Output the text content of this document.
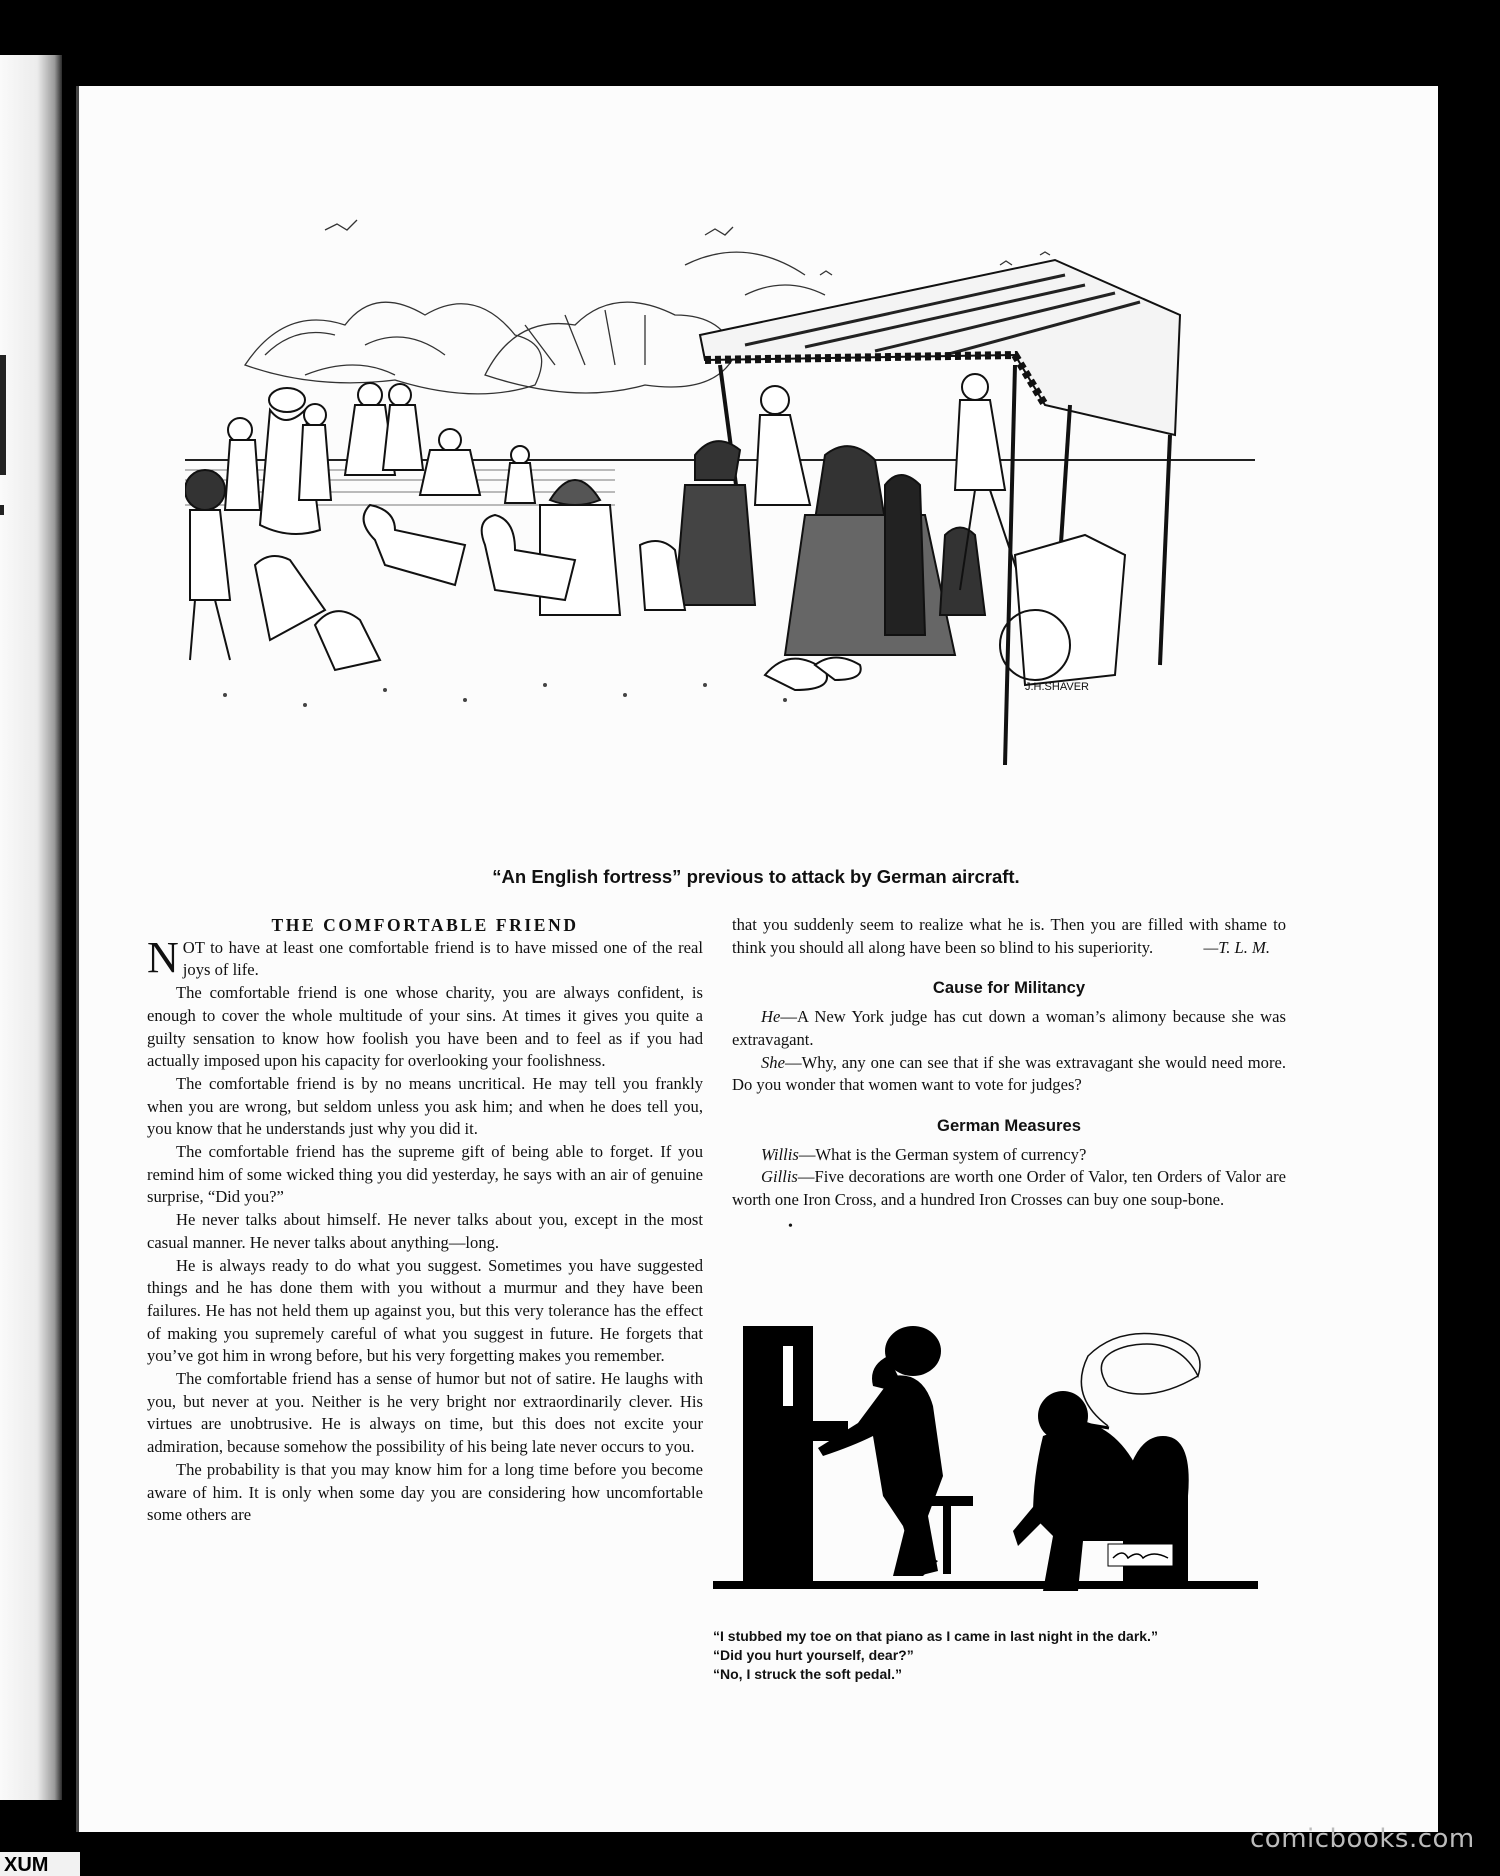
J.H.SHAVER
“An English fortress” previous to attack by German aircraft.
THE COMFORTABLE FRIEND

NOT to have at least one comfortable friend is to have missed one of the real joys of life.

The comfortable friend is one whose charity, you are always confident, is enough to cover the whole multitude of your sins. At times it gives you quite a guilty sensation to know how foolish you have been and to feel as if you had actually imposed upon his capacity for overlooking your foolishness.

The comfortable friend is by no means uncritical. He may tell you frankly when you are wrong, but seldom unless you ask him; and when he does tell you, you know that he understands just why you did it.

The comfortable friend has the supreme gift of being able to forget. If you remind him of some wicked thing you did yesterday, he says with an air of genuine surprise, “Did you?”

He never talks about himself. He never talks about you, except in the most casual manner. He never talks about anything—long.

He is always ready to do what you suggest. Sometimes you have suggested things and he has done them with you without a murmur and they have been failures. He has not held them up against you, but this very tolerance has the effect of making you supremely careful of what you suggest in future. He forgets that you’ve got him in wrong before, but his very forgetting makes you remember.

The comfortable friend has a sense of humor but not of satire. He laughs with you, but never at you. Neither is he very bright nor extraordinarily clever. His virtues are unobtrusive. He is always on time, but this does not excite your admiration, because somehow the possibility of his being late never occurs to you.

The probability is that you may know him for a long time before you become aware of him. It is only when some day you are considering how uncomfortable some others are

that you suddenly seem to realize what he is. Then you are filled with shame to think you should all along have been so blind to his superiority.	—T. L. M.

Cause for Militancy

He—A New York judge has cut down a woman’s alimony because she was extravagant.

She—Why, any one can see that if she was extravagant she would need more. Do you wonder that women want to vote for judges?

German Measures

Willis—What is the German system of currency?

Gillis—Five decorations are worth one Order of Valor, ten Orders of Valor are worth one Iron Cross, and a hundred Iron Crosses can buy one soup-bone.

•
“I stubbed my toe on that piano as I came in last night in the dark.”
“Did you hurt yourself, dear?”
“No, I struck the soft pedal.”
comicbooks.com
XUM
